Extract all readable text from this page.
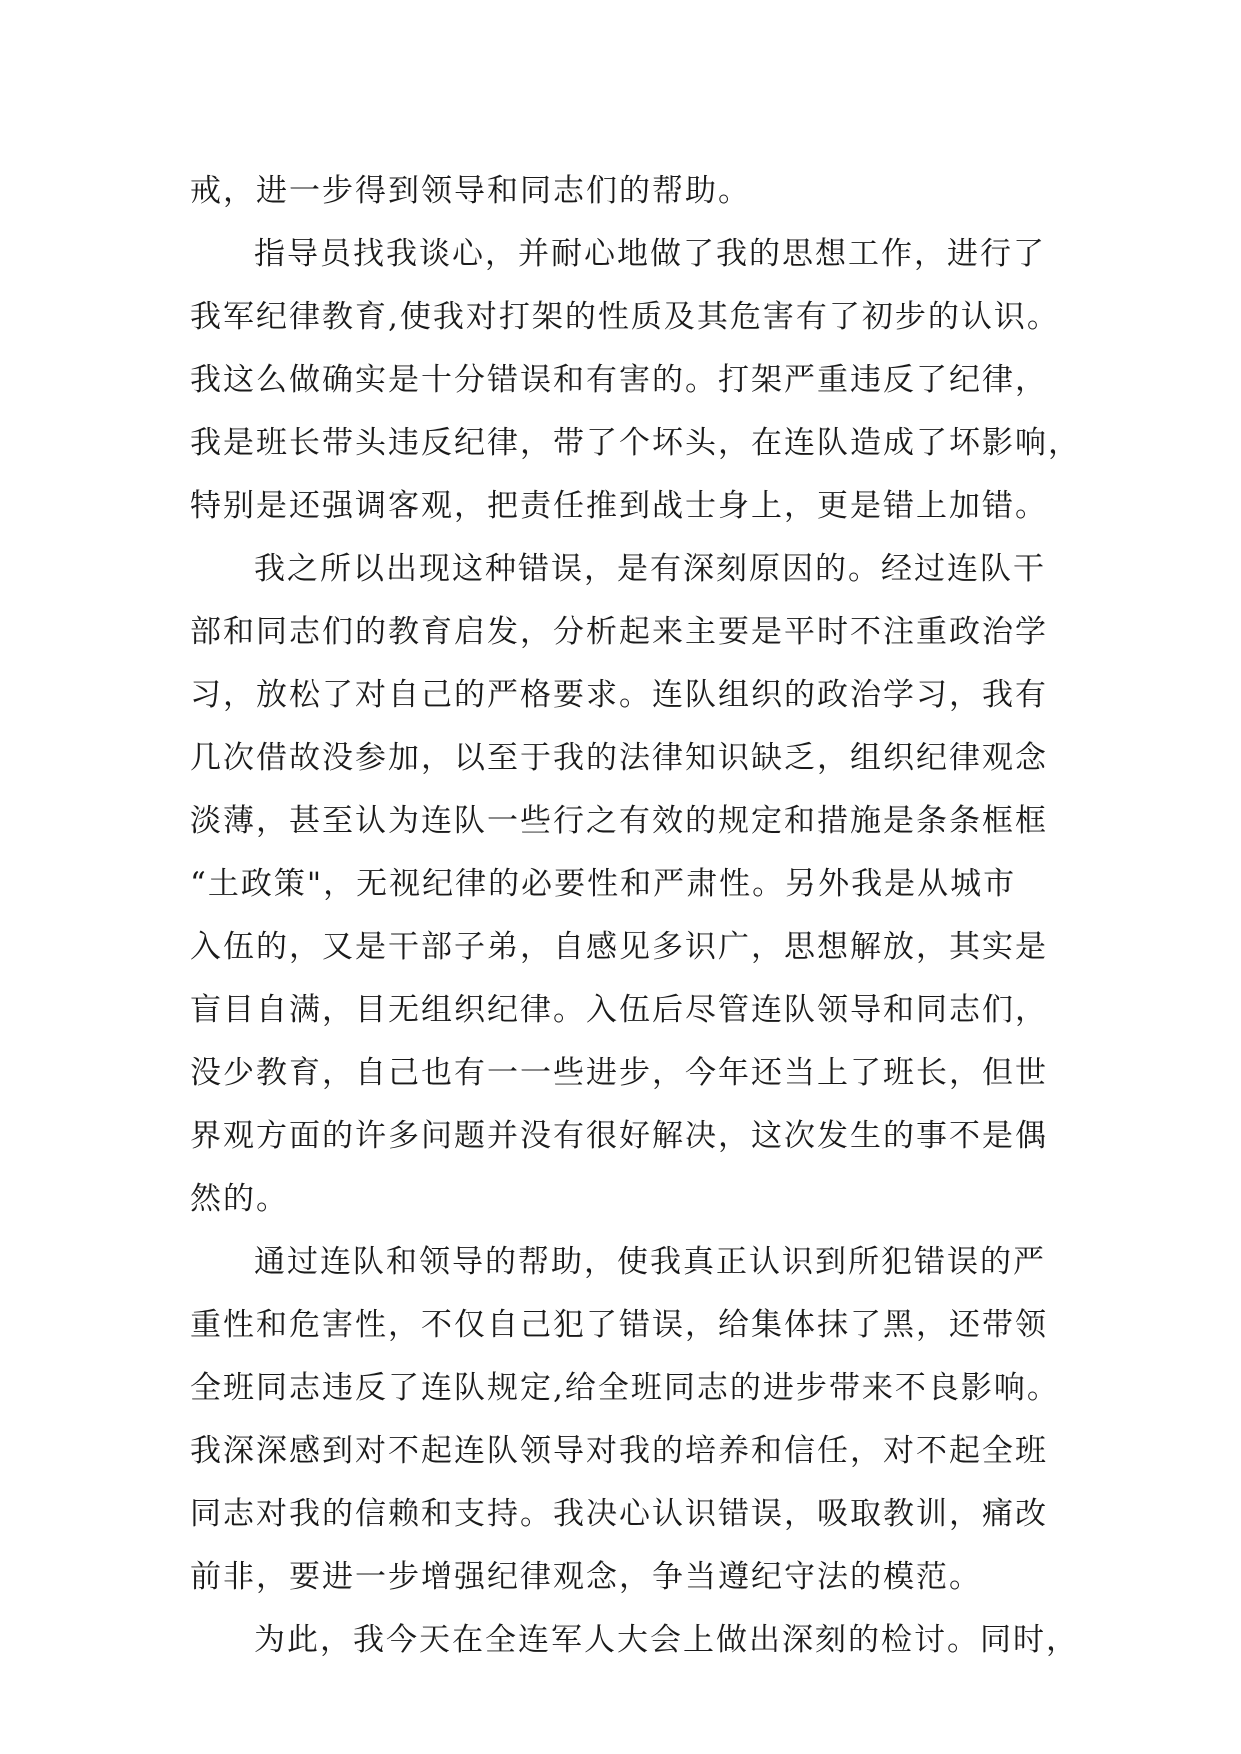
戒，进一步得到领导和同志们的帮助。
指导员找我谈心，并耐心地做了我的思想工作，进行了
我军纪律教育,使我对打架的性质及其危害有了初步的认识。
我这么做确实是十分错误和有害的。打架严重违反了纪律，
我是班长带头违反纪律，带了个坏头，在连队造成了坏影响，
特别是还强调客观，把责任推到战士身上，更是错上加错。
我之所以出现这种错误，是有深刻原因的。经过连队干
部和同志们的教育启发，分析起来主要是平时不注重政治学
习，放松了对自己的严格要求。连队组织的政治学习，我有
几次借故没参加，以至于我的法律知识缺乏，组织纪律观念
淡薄，甚至认为连队一些行之有效的规定和措施是条条框框
“土政策"，无视纪律的必要性和严肃性。另外我是从城市
入伍的，又是干部子弟，自感见多识广，思想解放，其实是
盲目自满，目无组织纪律。入伍后尽管连队领导和同志们，
没少教育，自己也有一一些进步，今年还当上了班长，但世
界观方面的许多问题并没有很好解决，这次发生的事不是偶
然的。
通过连队和领导的帮助，使我真正认识到所犯错误的严
重性和危害性，不仅自己犯了错误，给集体抹了黑，还带领
全班同志违反了连队规定,给全班同志的进步带来不良影响。
我深深感到对不起连队领导对我的培养和信任，对不起全班
同志对我的信赖和支持。我决心认识错误，吸取教训，痛改
前非，要进一步增强纪律观念，争当遵纪守法的模范。
为此，我今天在全连军人大会上做出深刻的检讨。同时，
